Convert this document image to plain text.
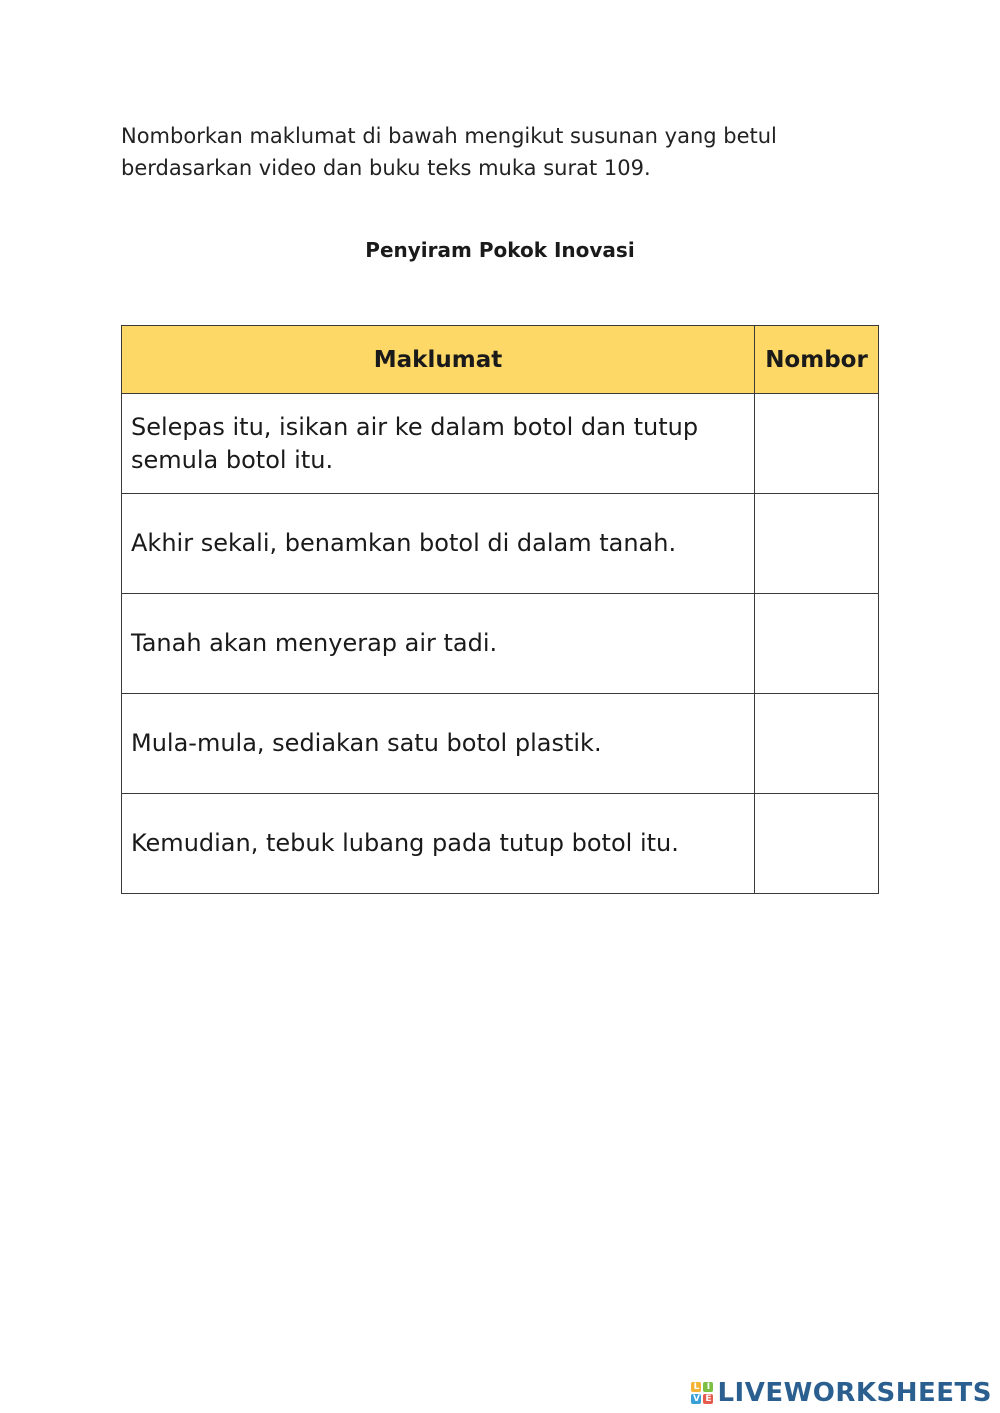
Nomborkan maklumat di bawah mengikut susunan yang betul
berdasarkan video dan buku teks muka surat 109.
Penyiram Pokok Inovasi
Maklumat	Nombor
Selepas itu, isikan air ke dalam botol dan tutup semula botol itu.	

Akhir sekali, benamkan botol di dalam tanah.	

Tanah akan menyerap air tadi.	

Mula-mula, sediakan satu botol plastik.	

Kemudian, tebuk lubang pada tutup botol itu.	
L I
V E LIVEWORKSHEETS
